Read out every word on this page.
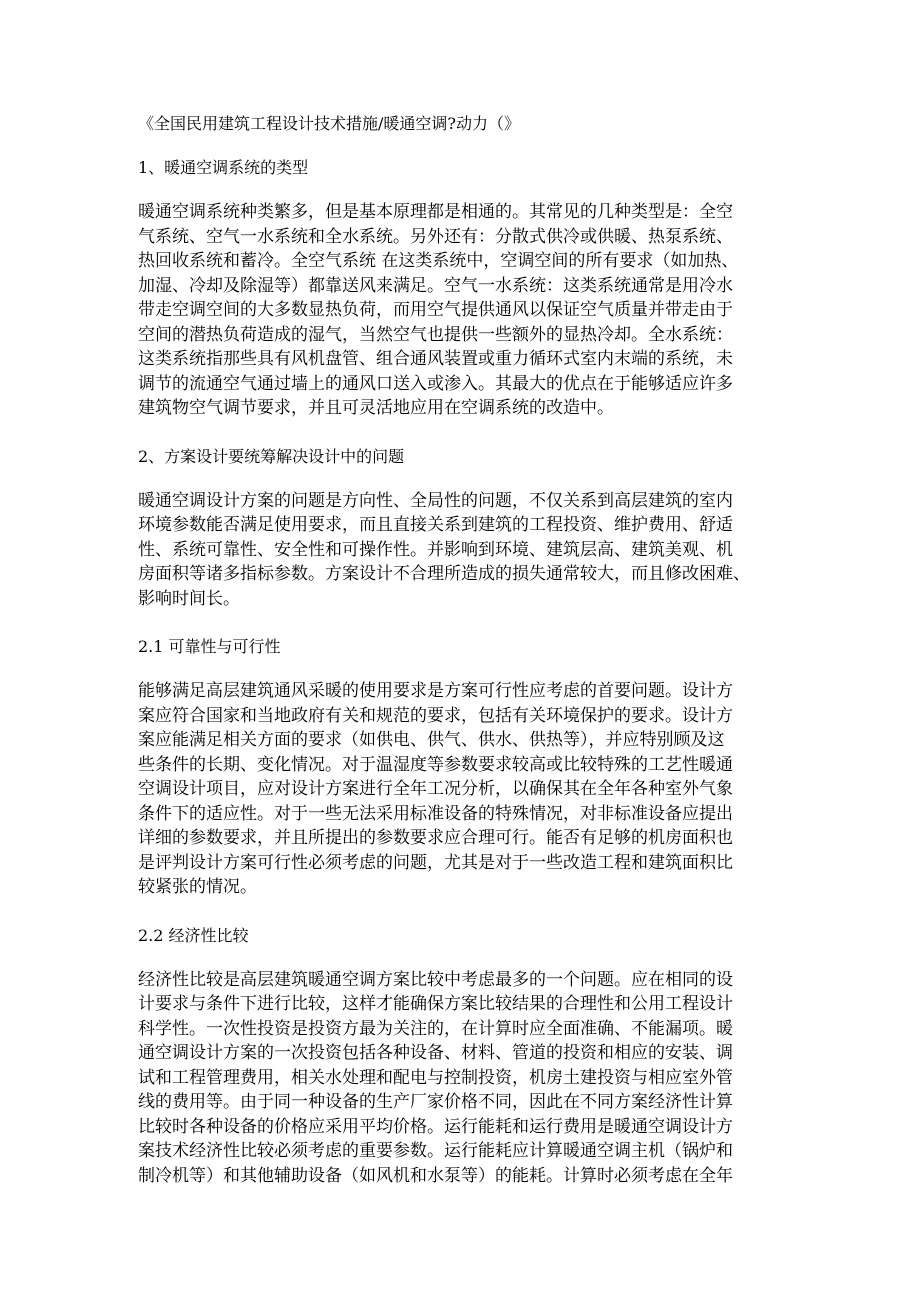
《全国民用建筑工程设计技术措施/暖通空调?动力（》
1、暖通空调系统的类型
暖通空调系统种类繁多，但是基本原理都是相通的。其常见的几种类型是：全空
气系统、空气一水系统和全水系统。另外还有：分散式供冷或供暖、热泵系统、
热回收系统和蓄冷。全空气系统 在这类系统中，空调空间的所有要求（如加热、
加湿、冷却及除湿等）都靠送风来满足。空气一水系统：这类系统通常是用冷水
带走空调空间的大多数显热负荷，而用空气提供通风以保证空气质量并带走由于
空间的潜热负荷造成的湿气，当然空气也提供一些额外的显热冷却。全水系统：
这类系统指那些具有风机盘管、组合通风装置或重力循环式室内末端的系统，未
调节的流通空气通过墙上的通风口送入或渗入。其最大的优点在于能够适应许多
建筑物空气调节要求，并且可灵活地应用在空调系统的改造中。
2、方案设计要统筹解决设计中的问题
暖通空调设计方案的问题是方向性、全局性的问题，不仅关系到高层建筑的室内
环境参数能否满足使用要求，而且直接关系到建筑的工程投资、维护费用、舒适
性、系统可靠性、安全性和可操作性。并影响到环境、建筑层高、建筑美观、机
房面积等诸多指标参数。方案设计不合理所造成的损失通常较大，而且修改困难、
影响时间长。
2.1 可靠性与可行性
能够满足高层建筑通风采暖的使用要求是方案可行性应考虑的首要问题。设计方
案应符合国家和当地政府有关和规范的要求，包括有关环境保护的要求。设计方
案应能满足相关方面的要求（如供电、供气、供水、供热等），并应特别顾及这
些条件的长期、变化情况。对于温湿度等参数要求较高或比较特殊的工艺性暖通
空调设计项目，应对设计方案进行全年工况分析，以确保其在全年各种室外气象
条件下的适应性。对于一些无法采用标准设备的特殊情况，对非标准设备应提出
详细的参数要求，并且所提出的参数要求应合理可行。能否有足够的机房面积也
是评判设计方案可行性必须考虑的问题，尤其是对于一些改造工程和建筑面积比
较紧张的情况。
2.2 经济性比较
经济性比较是高层建筑暖通空调方案比较中考虑最多的一个问题。应在相同的设
计要求与条件下进行比较，这样才能确保方案比较结果的合理性和公用工程设计
科学性。一次性投资是投资方最为关注的，在计算时应全面准确、不能漏项。暖
通空调设计方案的一次投资包括各种设备、材料、管道的投资和相应的安装、调
试和工程管理费用，相关水处理和配电与控制投资，机房土建投资与相应室外管
线的费用等。由于同一种设备的生产厂家价格不同，因此在不同方案经济性计算
比较时各种设备的价格应采用平均价格。运行能耗和运行费用是暖通空调设计方
案技术经济性比较必须考虑的重要参数。运行能耗应计算暖通空调主机（锅炉和
制冷机等）和其他辅助设备（如风机和水泵等）的能耗。计算时必须考虑在全年
